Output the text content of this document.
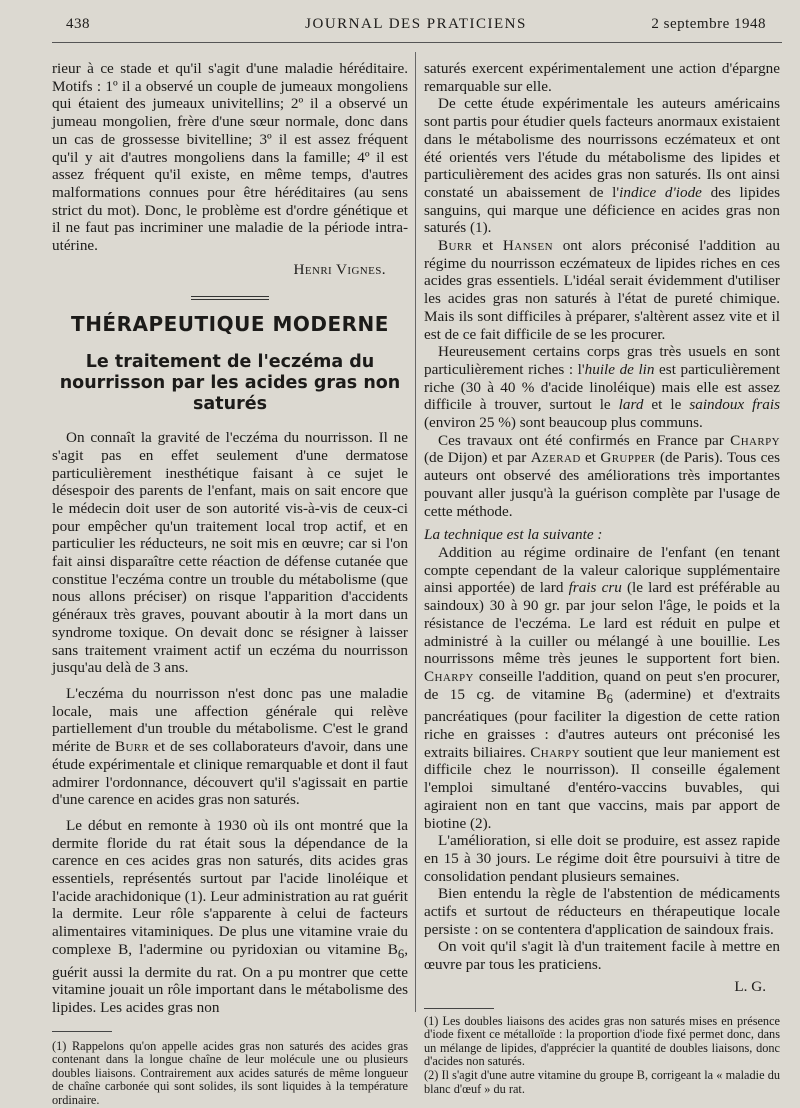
438	JOURNAL DES PRATICIENS	2 septembre 1948

rieur à ce stade et qu'il s'agit d'une maladie héréditaire. Motifs : 1º il a observé un couple de jumeaux mongoliens qui étaient des jumeaux univitellins; 2º il a observé un jumeau mongolien, frère d'une sœur normale, donc dans un cas de grossesse bivitelline; 3º il est assez fréquent qu'il y ait d'autres mongoliens dans la famille; 4º il est assez fréquent qu'il existe, en même temps, d'autres malformations connues pour être héréditaires (au sens strict du mot). Donc, le problème est d'ordre génétique et il ne faut pas incriminer une maladie de la période intra-utérine.

Henri Vignes.

THÉRAPEUTIQUE MODERNE

Le traitement de l'eczéma du nourrisson par les acides gras non saturés

On connaît la gravité de l'eczéma du nourrisson. Il ne s'agit pas en effet seulement d'une dermatose particulièrement inesthétique faisant à ce sujet le désespoir des parents de l'enfant, mais on sait encore que le médecin doit user de son autorité vis-à-vis de ceux-ci pour empêcher qu'un traitement local trop actif, et en particulier les réducteurs, ne soit mis en œuvre; car si l'on fait ainsi disparaître cette réaction de défense cutanée que constitue l'eczéma contre un trouble du métabolisme (que nous allons préciser) on risque l'apparition d'accidents généraux très graves, pouvant aboutir à la mort dans un syndrome toxique. On devait donc se résigner à laisser sans traitement vraiment actif un eczéma du nourrisson jusqu'au delà de 3 ans.

L'eczéma du nourrisson n'est donc pas une maladie locale, mais une affection générale qui relève partiellement d'un trouble du métabolisme. C'est le grand mérite de Burr et de ses collaborateurs d'avoir, dans une étude expérimentale et clinique remarquable et dont il faut admirer l'ordonnance, découvert qu'il s'agissait en partie d'une carence en acides gras non saturés.

Le début en remonte à 1930 où ils ont montré que la dermite floride du rat était sous la dépendance de la carence en ces acides gras non saturés, dits acides gras essentiels, représentés surtout par l'acide linoléique et l'acide arachidonique (1). Leur administration au rat guérit la dermite. Leur rôle s'apparente à celui de facteurs alimentaires vitaminiques. De plus une vitamine vraie du complexe B, l'adermine ou pyridoxian ou vitamine $B_6$, guérit aussi la dermite du rat. On a pu montrer que cette vitamine jouait un rôle important dans le métabolisme des lipides. Les acides gras non

(1) Rappelons qu'on appelle acides gras non saturés des acides gras contenant dans la longue chaîne de leur molécule une ou plusieurs doubles liaisons. Contrairement aux acides saturés de même longueur de chaîne carbonée qui sont solides, ils sont liquides à la température ordinaire.

saturés exercent expérimentalement une action d'épargne remarquable sur elle.

De cette étude expérimentale les auteurs américains sont partis pour étudier quels facteurs anormaux existaient dans le métabolisme des nourrissons eczémateux et ont été orientés vers l'étude du métabolisme des lipides et particulièrement des acides gras non saturés. Ils ont ainsi constaté un abaissement de l'indice d'iode des lipides sanguins, qui marque une déficience en acides gras non saturés (1).

Burr et Hansen ont alors préconisé l'addition au régime du nourrisson eczémateux de lipides riches en ces acides gras essentiels. L'idéal serait évidemment d'utiliser les acides gras non saturés à l'état de pureté chimique. Mais ils sont difficiles à préparer, s'altèrent assez vite et il est de ce fait difficile de se les procurer.

Heureusement certains corps gras très usuels en sont particulièrement riches : l'huile de lin est particulièrement riche (30 à 40 % d'acide linoléique) mais elle est assez difficile à trouver, surtout le lard et le saindoux frais (environ 25 %) sont beaucoup plus communs.

Ces travaux ont été confirmés en France par Charpy (de Dijon) et par Azerad et Grupper (de Paris). Tous ces auteurs ont observé des améliorations très importantes pouvant aller jusqu'à la guérison complète par l'usage de cette méthode.

La technique est la suivante :

Addition au régime ordinaire de l'enfant (en tenant compte cependant de la valeur calorique supplémentaire ainsi apportée) de lard frais cru (le lard est préférable au saindoux) 30 à 90 gr. par jour selon l'âge, le poids et la résistance de l'eczéma. Le lard est réduit en pulpe et administré à la cuiller ou mélangé à une bouillie. Les nourrissons même très jeunes le supportent fort bien. Charpy conseille l'addition, quand on peut s'en procurer, de 15 cg. de vitamine $B_6$ (adermine) et d'extraits pancréatiques (pour faciliter la digestion de cette ration riche en graisses : d'autres auteurs ont préconisé les extraits biliaires. Charpy soutient que leur maniement est difficile chez le nourrisson). Il conseille également l'emploi simultané d'entéro-vaccins buvables, qui agiraient non en tant que vaccins, mais par apport de biotine (2).

L'amélioration, si elle doit se produire, est assez rapide en 15 à 30 jours. Le régime doit être poursuivi à titre de consolidation pendant plusieurs semaines.

Bien entendu la règle de l'abstention de médicaments actifs et surtout de réducteurs en thérapeutique locale persiste : on se contentera d'application de saindoux frais.

On voit qu'il s'agit là d'un traitement facile à mettre en œuvre par tous les praticiens.

L. G.

(1) Les doubles liaisons des acides gras non saturés mises en présence d'iode fixent ce métalloïde : la proportion d'iode fixé permet donc, dans un mélange de lipides, d'apprécier la quantité de doubles liaisons, donc d'acides non saturés.

(2) Il s'agit d'une autre vitamine du groupe B, corrigeant la « maladie du blanc d'œuf » du rat.
